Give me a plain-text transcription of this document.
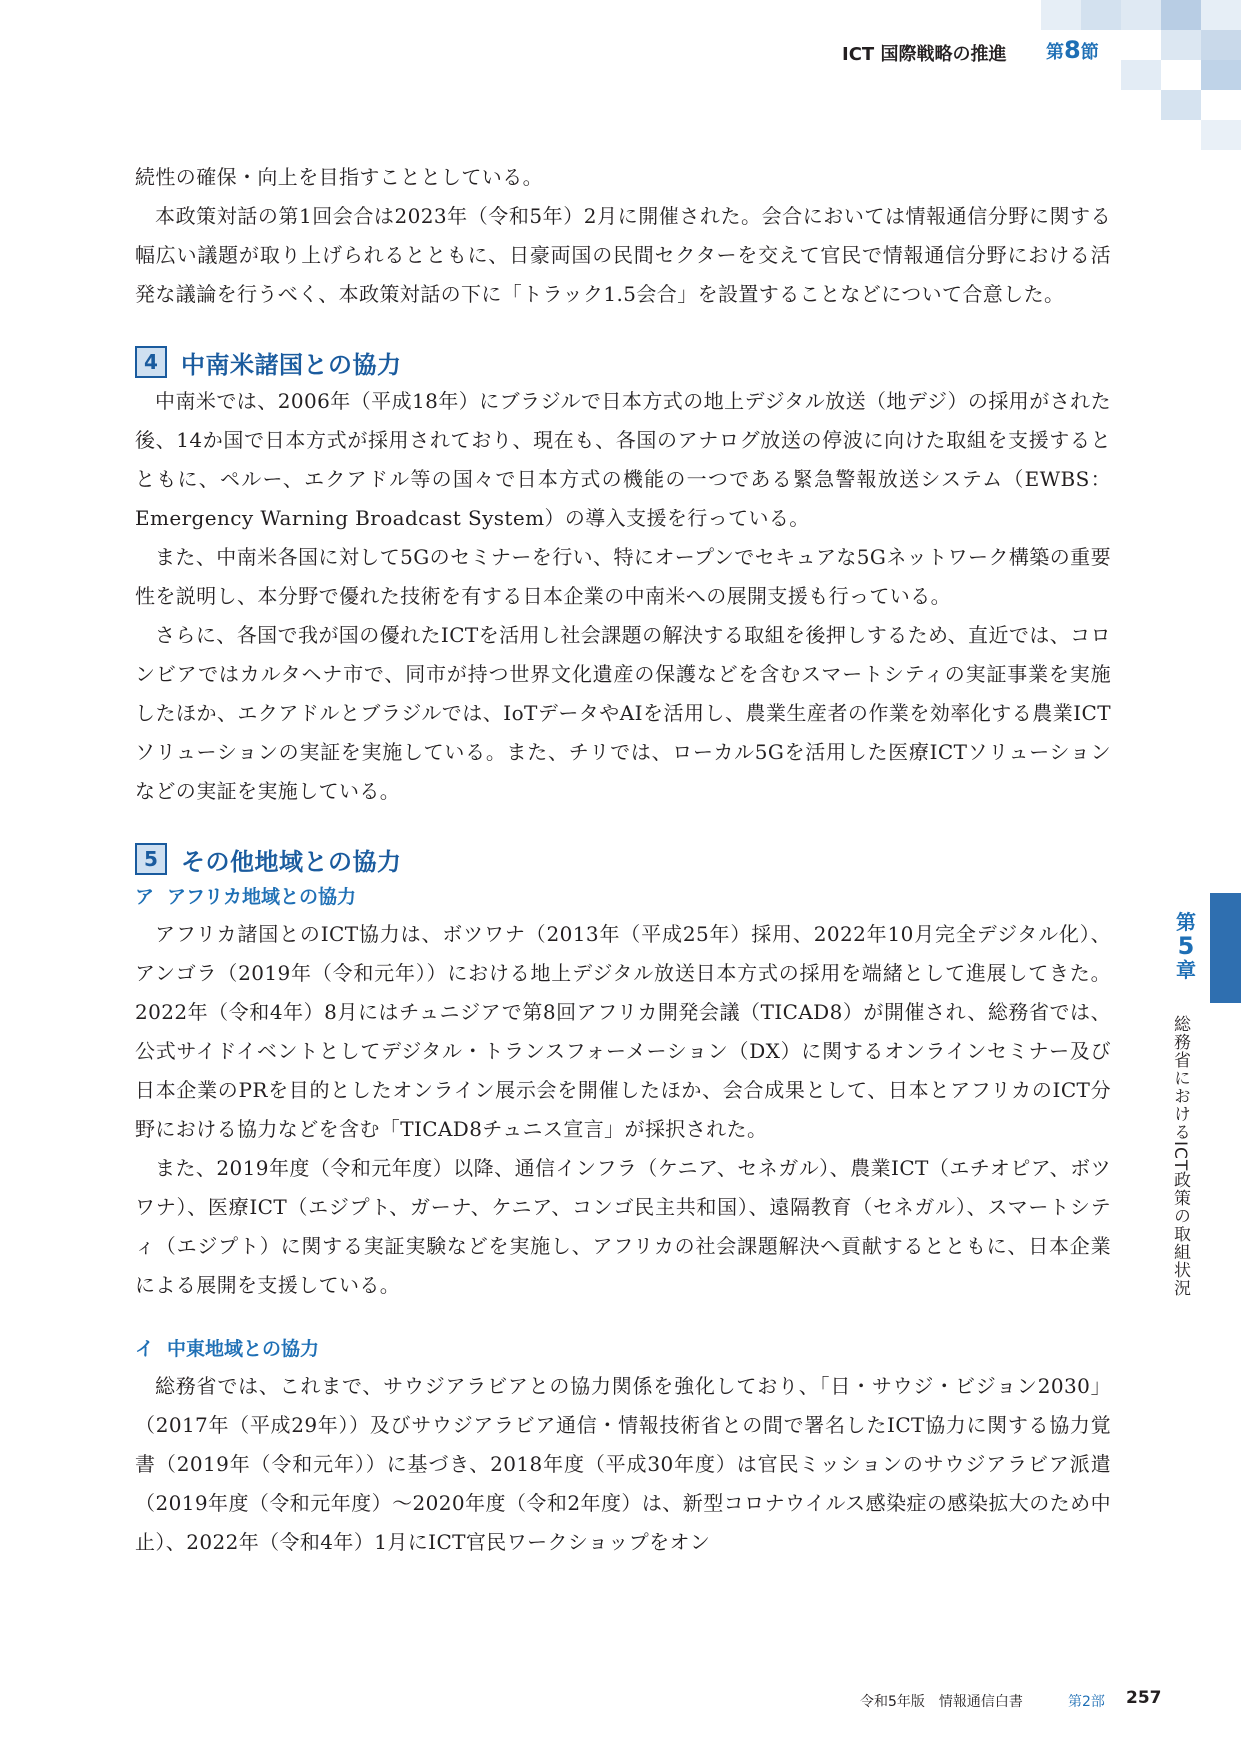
ICT 国際戦略の推進 第8節

続性の確保・向上を目指すこととしている。

本政策対話の第1回会合は2023年（令和5年）2月に開催された。会合においては情報通信分野に関する幅広い議題が取り上げられるとともに、日豪両国の民間セクターを交えて官民で情報通信分野における活発な議論を行うべく、本政策対話の下に「トラック1.5会合」を設置することなどについて合意した。

4 中南米諸国との協力

中南米では、2006年（平成18年）にブラジルで日本方式の地上デジタル放送（地デジ）の採用がされた後、14か国で日本方式が採用されており、現在も、各国のアナログ放送の停波に向けた取組を支援するとともに、ペルー、エクアドル等の国々で日本方式の機能の一つである緊急警報放送システム（EWBS：Emergency Warning Broadcast System）の導入支援を行っている。

また、中南米各国に対して5Gのセミナーを行い、特にオープンでセキュアな5Gネットワーク構築の重要性を説明し、本分野で優れた技術を有する日本企業の中南米への展開支援も行っている。

さらに、各国で我が国の優れたICTを活用し社会課題の解決する取組を後押しするため、直近では、コロンビアではカルタヘナ市で、同市が持つ世界文化遺産の保護などを含むスマートシティの実証事業を実施したほか、エクアドルとブラジルでは、IoTデータやAIを活用し、農業生産者の作業を効率化する農業ICTソリューションの実証を実施している。また、チリでは、ローカル5Gを活用した医療ICTソリューションなどの実証を実施している。

5 その他地域との協力

ア アフリカ地域との協力

アフリカ諸国とのICT協力は、ボツワナ（2013年（平成25年）採用、2022年10月完全デジタル化）、アンゴラ（2019年（令和元年））における地上デジタル放送日本方式の採用を端緒として進展してきた。2022年（令和4年）8月にはチュニジアで第8回アフリカ開発会議（TICAD8）が開催され、総務省では、公式サイドイベントとしてデジタル・トランスフォーメーション（DX）に関するオンラインセミナー及び日本企業のPRを目的としたオンライン展示会を開催したほか、会合成果として、日本とアフリカのICT分野における協力などを含む「TICAD8チュニス宣言」が採択された。

また、2019年度（令和元年度）以降、通信インフラ（ケニア、セネガル）、農業ICT（エチオピア、ボツワナ）、医療ICT（エジプト、ガーナ、ケニア、コンゴ民主共和国）、遠隔教育（セネガル）、スマートシティ（エジプト）に関する実証実験などを実施し、アフリカの社会課題解決へ貢献するとともに、日本企業による展開を支援している。

イ 中東地域との協力

総務省では、これまで、サウジアラビアとの協力関係を強化しており、「日・サウジ・ビジョン2030」（2017年（平成29年））及びサウジアラビア通信・情報技術省との間で署名したICT協力に関する協力覚書（2019年（令和元年））に基づき、2018年度（平成30年度）は官民ミッションのサウジアラビア派遣（2019年度（令和元年度）～2020年度（令和2年度）は、新型コロナウイルス感染症の感染拡大のため中止）、2022年（令和4年）1月にICT官民ワークショップをオン

第
5
章
総務省におけるICT政策の取組状況
令和5年版　情報通信白書	第2部 257
